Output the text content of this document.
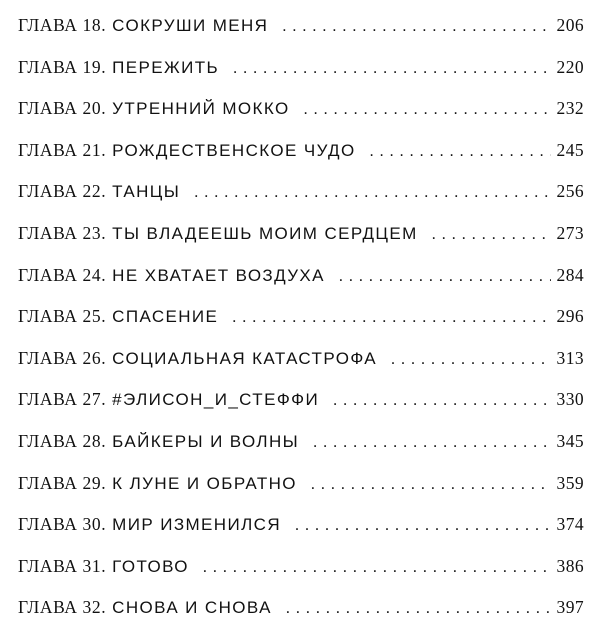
ГЛАВА 18. СОКРУШИ МЕНЯ . . .	206
ГЛАВА 19. ПЕРЕЖИТЬ . . .	220
ГЛАВА 20. УТРЕННИЙ МОККО . . .	232
ГЛАВА 21. РОЖДЕСТВЕНСКОЕ ЧУДО . . .	245
ГЛАВА 22. ТАНЦЫ . . .	256
ГЛАВА 23. ТЫ ВЛАДЕЕШЬ МОИМ СЕРДЦЕМ . . .	273
ГЛАВА 24. НЕ ХВАТАЕТ ВОЗДУХА . . .	284
ГЛАВА 25. СПАСЕНИЕ . . .	296
ГЛАВА 26. СОЦИАЛЬНАЯ КАТАСТРОФА . . .	313
ГЛАВА 27. #ЭЛИСОН_И_СТЕФФИ . . .	330
ГЛАВА 28. БАЙКЕРЫ И ВОЛНЫ . . .	345
ГЛАВА 29. К ЛУНЕ И ОБРАТНО . . .	359
ГЛАВА 30. МИР ИЗМЕНИЛСЯ . . .	374
ГЛАВА 31. ГОТОВО . . .	386
ГЛАВА 32. СНОВА И СНОВА . . .	397
